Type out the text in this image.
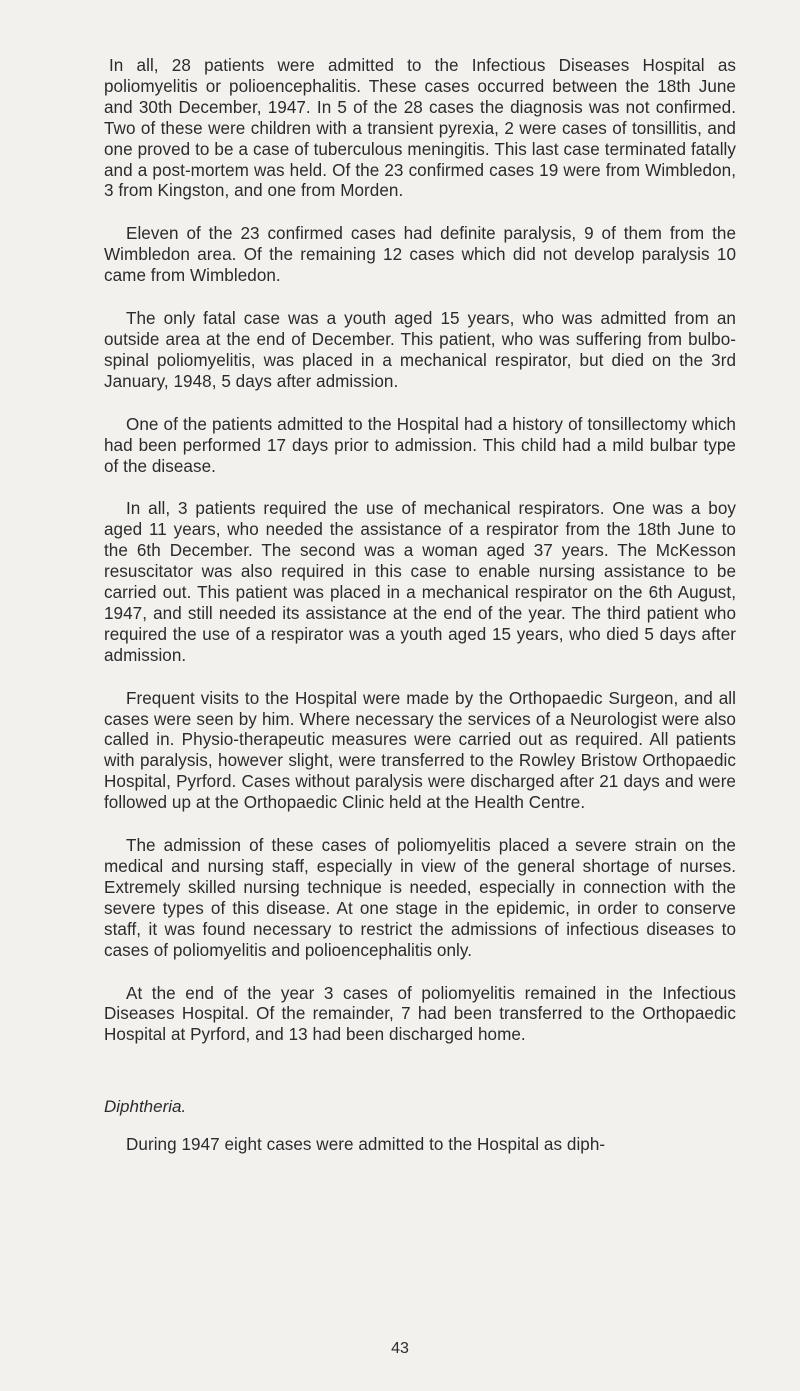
In all, 28 patients were admitted to the Infectious Diseases Hospital as poliomyelitis or polioencephalitis. These cases occurred between the 18th June and 30th December, 1947. In 5 of the 28 cases the diagnosis was not confirmed. Two of these were children with a transient pyrexia, 2 were cases of tonsillitis, and one proved to be a case of tuberculous meningitis. This last case terminated fatally and a post-mortem was held. Of the 23 confirmed cases 19 were from Wimbledon, 3 from Kingston, and one from Morden.

Eleven of the 23 confirmed cases had definite paralysis, 9 of them from the Wimbledon area. Of the remaining 12 cases which did not develop paralysis 10 came from Wimbledon.

The only fatal case was a youth aged 15 years, who was admitted from an outside area at the end of December. This patient, who was suffering from bulbo-spinal poliomyelitis, was placed in a mechanical respirator, but died on the 3rd January, 1948, 5 days after admission.

One of the patients admitted to the Hospital had a history of tonsillectomy which had been performed 17 days prior to admission. This child had a mild bulbar type of the disease.

In all, 3 patients required the use of mechanical respirators. One was a boy aged 11 years, who needed the assistance of a respirator from the 18th June to the 6th December. The second was a woman aged 37 years. The McKesson resuscitator was also required in this case to enable nursing assistance to be carried out. This patient was placed in a mechanical respirator on the 6th August, 1947, and still needed its assistance at the end of the year. The third patient who required the use of a respirator was a youth aged 15 years, who died 5 days after admission.

Frequent visits to the Hospital were made by the Orthopaedic Surgeon, and all cases were seen by him. Where necessary the services of a Neurologist were also called in. Physio-therapeutic measures were carried out as required. All patients with paralysis, however slight, were transferred to the Rowley Bristow Orthopaedic Hospital, Pyrford. Cases without paralysis were discharged after 21 days and were followed up at the Orthopaedic Clinic held at the Health Centre.

The admission of these cases of poliomyelitis placed a severe strain on the medical and nursing staff, especially in view of the general shortage of nurses. Extremely skilled nursing technique is needed, especially in connection with the severe types of this disease. At one stage in the epidemic, in order to conserve staff, it was found necessary to restrict the admissions of infectious diseases to cases of poliomyelitis and polioencephalitis only.

At the end of the year 3 cases of poliomyelitis remained in the Infectious Diseases Hospital. Of the remainder, 7 had been transferred to the Orthopaedic Hospital at Pyrford, and 13 had been discharged home.

Diphtheria.

During 1947 eight cases were admitted to the Hospital as diph-

43
